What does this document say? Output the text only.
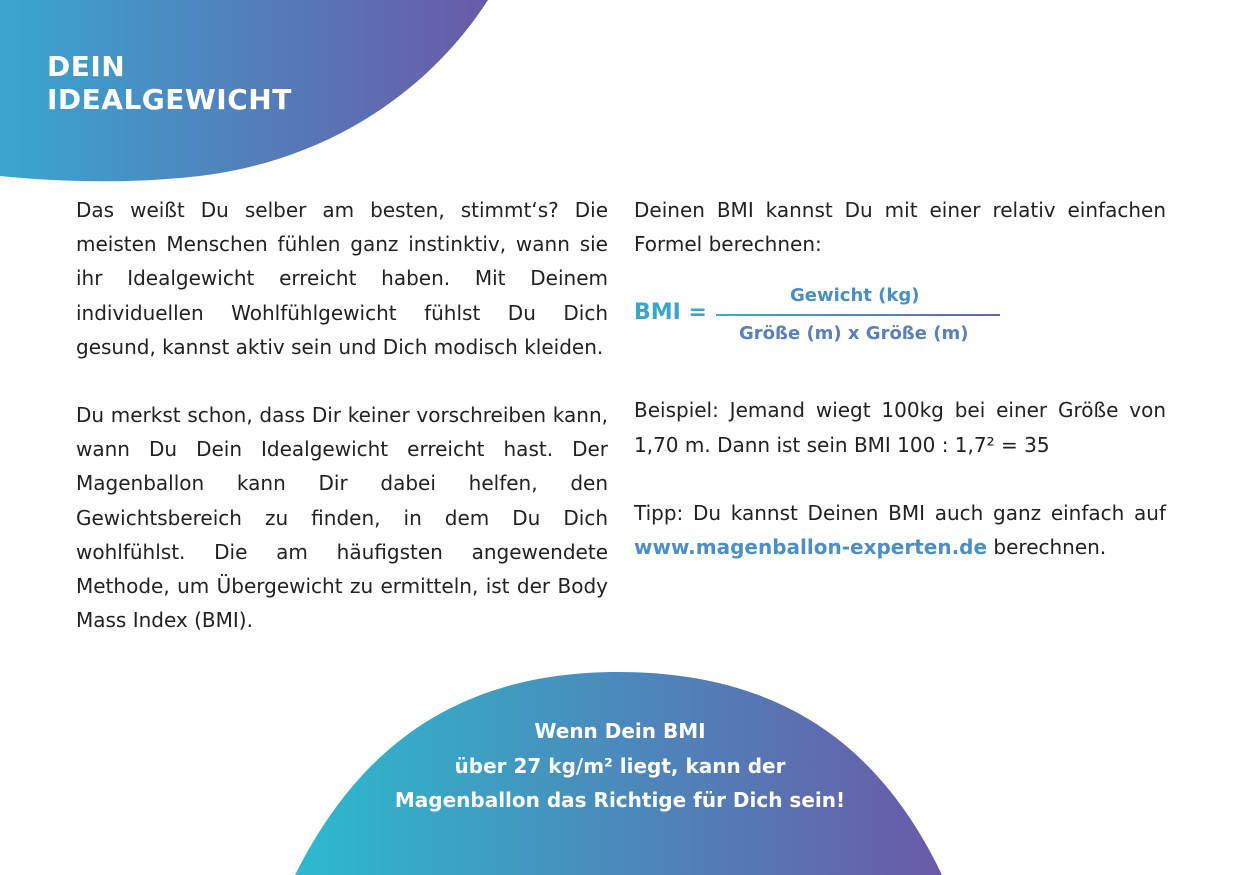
DEIN
IDEALGEWICHT

Das weißt Du selber am besten, stimmt‘s? Die meisten Menschen fühlen ganz instinktiv, wann sie ihr Idealgewicht erreicht haben. Mit Deinem individuellen Wohlfühlgewicht fühlst Du Dich gesund, kannst aktiv sein und Dich modisch kleiden.

Du merkst schon, dass Dir keiner vorschreiben kann, wann Du Dein Idealgewicht erreicht hast. Der Magenballon kann Dir dabei helfen, den Gewichtsbereich zu finden, in dem Du Dich wohlfühlst. Die am häufigsten angewendete Methode, um Übergewicht zu ermitteln, ist der Body Mass Index (BMI).

Deinen BMI kannst Du mit einer relativ einfachen Formel berechnen:

BMI =
Gewicht (kg)
Größe (m) x Größe (m)

Beispiel: Jemand wiegt 100kg bei einer Größe von 1,70 m. Dann ist sein BMI 100 : 1,7² = 35

Tipp: Du kannst Deinen BMI auch ganz einfach auf www.magenballon-experten.de berechnen.

Wenn Dein BMI
über 27 kg/m² liegt, kann der
Magenballon das Richtige für Dich sein!
